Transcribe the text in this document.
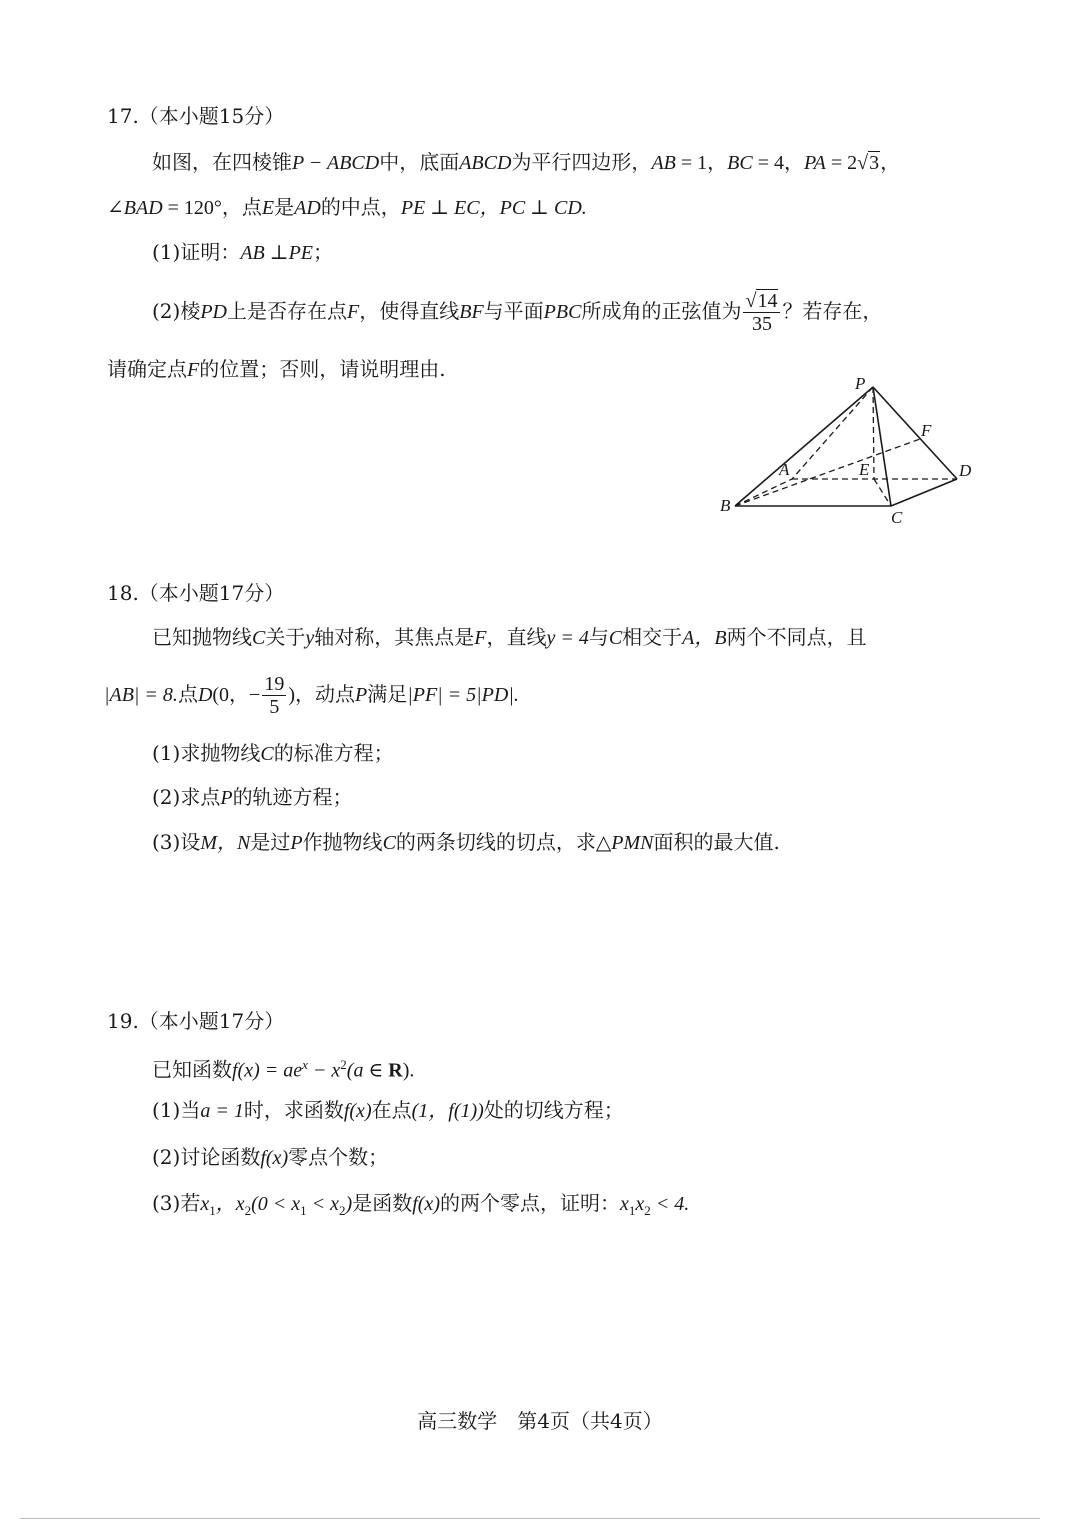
17.（本小题15分）
如图，在四棱锥P − ABCD中，底面ABCD为平行四边形，AB = 1，BC = 4，PA = 2√3，
∠BAD = 120°，点E是AD的中点，PE ⊥ EC，PC ⊥ CD.
(1)证明：AB ⊥PE；
(2)棱PD上是否存在点F，使得直线BF与平面PBC所成角的正弦值为 $\frac{√14}{35}$ ？若存在，
请确定点F的位置；否则，请说明理由.
P
A
B
C
D
E
F
18.（本小题17分）
已知抛物线C关于y轴对称，其焦点是F，直线y = 4与C相交于A，B两个不同点，且
|AB| = 8.点D(0，− $\frac{19}{5}$ )，动点P满足|PF| = 5|PD|.
(1)求抛物线C的标准方程；
(2)求点P的轨迹方程；
(3)设M，N是过P作抛物线C的两条切线的切点，求△PMN面积的最大值.
19.（本小题17分）
已知函数$f(x) = ae^x - x^2(a$ ∈ R).
(1)当a = 1时，求函数f(x)在点(1，f(1))处的切线方程；
(2)讨论函数f(x)零点个数；
(3)若$x_1$，$x_2(0 < x_1 < x_2)$是函数f(x)的两个零点，证明：$x_1x_2 < 4$.
高三数学　第4页（共4页）
